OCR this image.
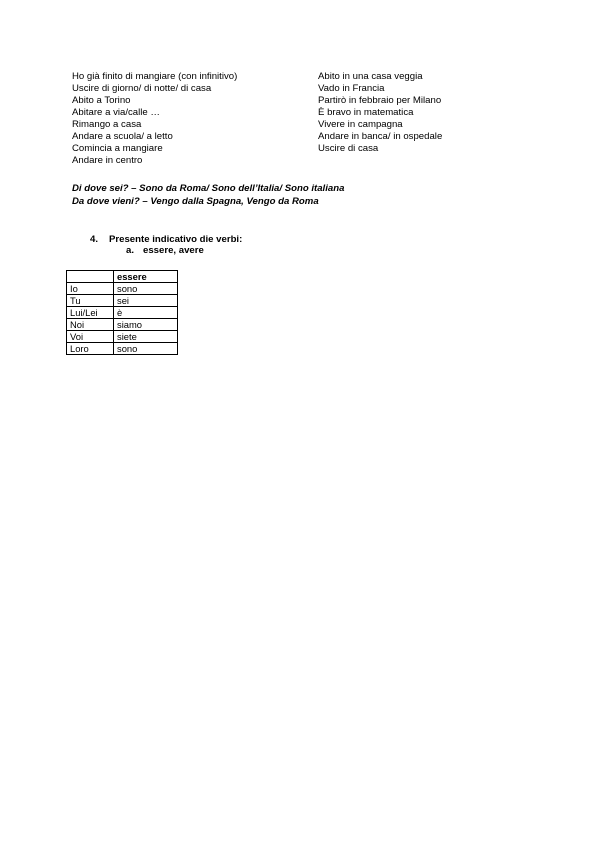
Ho già finito di mangiare (con infinitivo)
Uscire di giorno/ di notte/ di casa
Abito a Torino
Abitare a via/calle …
Rimango a casa
Andare a scuola/ a letto
Comincia a mangiare
Andare in centro
Abito in una casa veggia
Vado in Francia
Partirò in febbraio per Milano
È bravo in matematica
Vivere in campagna
Andare in banca/ in ospedale
Uscire di casa
Di dove sei? – Sono da Roma/ Sono dell’Italia/ Sono italiana
Da dove vieni? – Vengo dalla Spagna, Vengo da Roma
4. Presente indicativo die verbi:
a. essere, avere
	essere
Io	sono
Tu	sei
Lui/Lei	è
Noi	siamo
Voi	siete
Loro	sono
